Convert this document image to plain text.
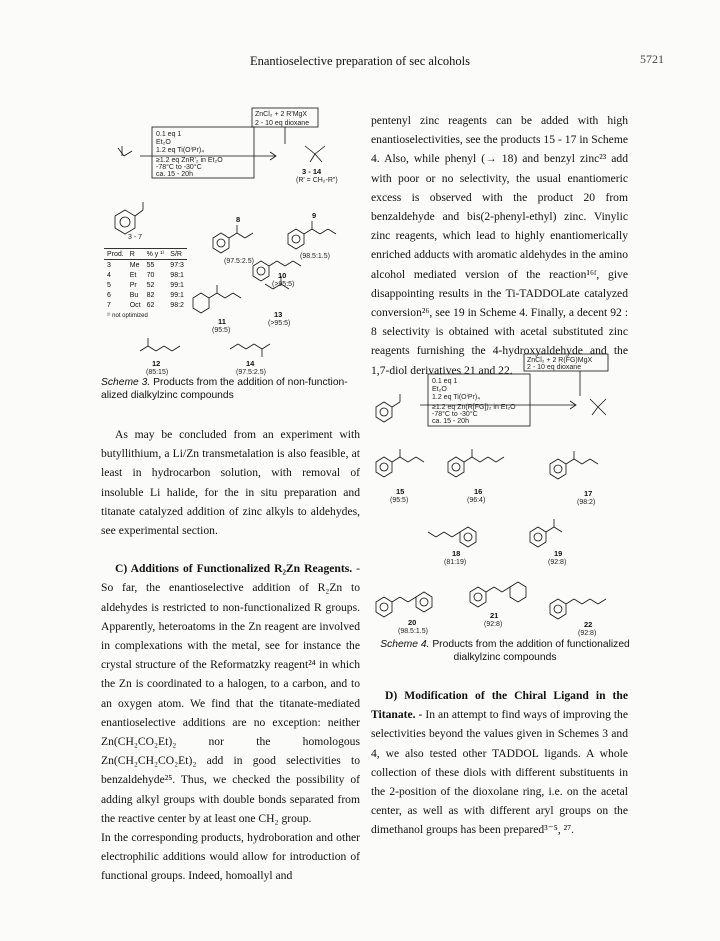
Enantioselective preparation of sec alcohols	5721
ZnCl₂ + 2 R'MgX
2 - 10 eq dioxane
0.1 eq 1
Et₂O
1.2 eq Ti(OⁱPr)₄
≥1.2 eq ZnR'₂ in Et₂O
-78°C to -30°C
ca. 15 - 20h	3 - 14
(R' = CH₂-R")
3 - 7
8
(97.5:2.5)
9
(98.5:1.5)
10
(>95:5)
11
(95:5)
13
(>95:5)
12
(85:15)
14
(97.5:2.5)
Prod.	R	% y ¹⁾	S/R
3	Me	55	97:3
4	Et	70	98:1
5	Pr	52	99:1
6	Bu	82	99:1
7	Oct	62	98:2
¹⁾ not optimized			
Scheme 3. Products from the addition of non-function-alized dialkylzinc compounds

As may be concluded from an experiment with butyllithium, a Li/Zn transmetalation is also feasible, at least in hydrocarbon solution, with removal of insoluble Li halide, for the in situ preparation and titanate catalyzed addition of zinc alkyls to aldehydes, see experimental section.

C) Additions of Functionalized R₂Zn Reagents. - So far, the enantioselective addition of R₂Zn to aldehydes is restricted to non-functionalized R groups. Apparently, heteroatoms in the Zn reagent are involved in complexations with the metal, see for instance the crystal structure of the Reformatzky reagent²⁴ in which the Zn is coordinated to a halogen, to a carbon, and to an oxygen atom. We find that the titanate-mediated enantioselective additions are no exception: neither Zn(CH₂CO₂Et)₂ nor the homologous Zn(CH₂CH₂CO₂Et)₂ add in good selectivities to benzaldehyde²⁵. Thus, we checked the possibility of adding alkyl groups with double bonds separated from the reactive center by at least one CH₂ group.

In the corresponding products, hydroboration and other electrophilic additions would allow for introduction of functional groups. Indeed, homoallyl and

pentenyl zinc reagents can be added with high enantioselectivities, see the products 15 - 17 in Scheme 4. Also, while phenyl (→ 18) and benzyl zinc²³ add with poor or no selectivity, the usual enantiomeric excess is observed with the product 20 from benzaldehyde and bis(2-phenyl-ethyl) zinc. Vinylic zinc reagents, which lead to highly enantiomerically enriched adducts with aromatic aldehydes in the amino alcohol mediated version of the reaction¹⁶ᶠ, give disappointing results in the Ti-TADDOLate catalyzed conversion²⁶, see 19 in Scheme 4. Finally, a decent 92 : 8 selectivity is obtained with acetal substituted zinc reagents furnishing the 4-hydroxyaldehyde and the 1,7-diol derivatives 21 and 22.

ZnCl₂ + 2 R(FG)MgX
2 - 10 eq dioxane
0.1 eq 1
Et₂O
1.2 eq Ti(OⁱPr)₄
≥1.2 eq Zn(R[FG])₂ in Et₂O
-78°C to -30°C
ca. 15 - 20h
15
(95:5)
16
(96:4)
17
(98:2)
18
(81:19)
19
(92:8)
21
(92:8)
20
(98.5:1.5)
22
(92:8)
Scheme 4. Products from the addition of functionalized dialkylzinc compounds

D) Modification of the Chiral Ligand in the Titanate. - In an attempt to find ways of improving the selectivities beyond the values given in Schemes 3 and 4, we also tested other TADDOL ligands. A whole collection of these diols with different substituents in the 2-position of the dioxolane ring, i.e. on the acetal center, as well as with different aryl groups on the dimethanol groups has been prepared³⁻⁵, ²⁷.
